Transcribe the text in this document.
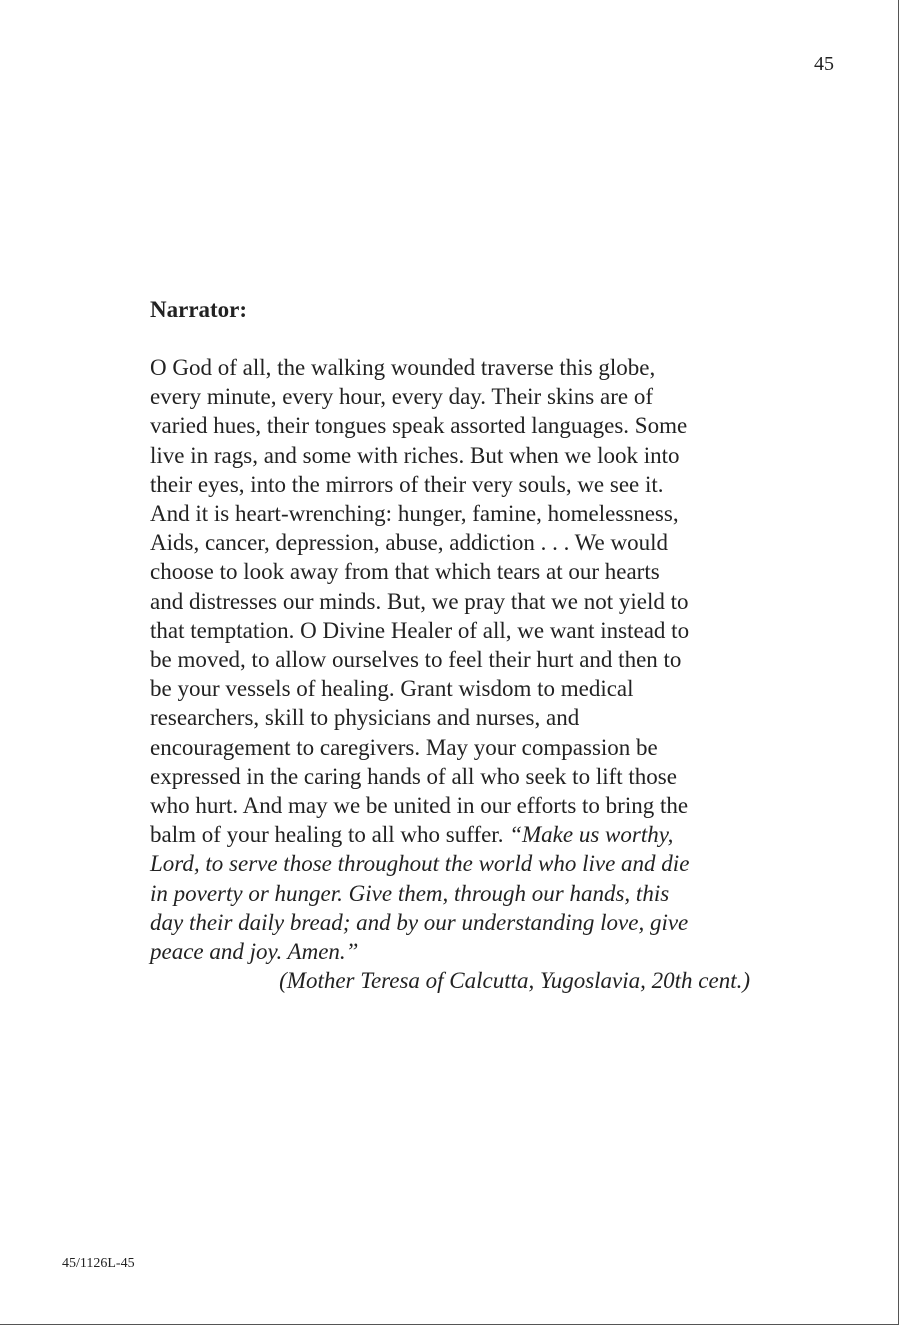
45
Narrator:
O God of all, the walking wounded traverse this globe,
every minute, every hour, every day. Their skins are of
varied hues, their tongues speak assorted languages. Some
live in rags, and some with riches. But when we look into
their eyes, into the mirrors of their very souls, we see it.
And it is heart-wrenching: hunger, famine, homelessness,
Aids, cancer, depression, abuse, addiction . . . We would
choose to look away from that which tears at our hearts
and distresses our minds. But, we pray that we not yield to
that temptation. O Divine Healer of all, we want instead to
be moved, to allow ourselves to feel their hurt and then to
be your vessels of healing. Grant wisdom to medical
researchers, skill to physicians and nurses, and
encouragement to caregivers. May your compassion be
expressed in the caring hands of all who seek to lift those
who hurt. And may we be united in our efforts to bring the
balm of your healing to all who suffer. “Make us worthy,
Lord, to serve those throughout the world who live and die
in poverty or hunger. Give them, through our hands, this
day their daily bread; and by our understanding love, give
peace and joy. Amen.”
(Mother Teresa of Calcutta, Yugoslavia, 20th cent.)
45/1126L-45
